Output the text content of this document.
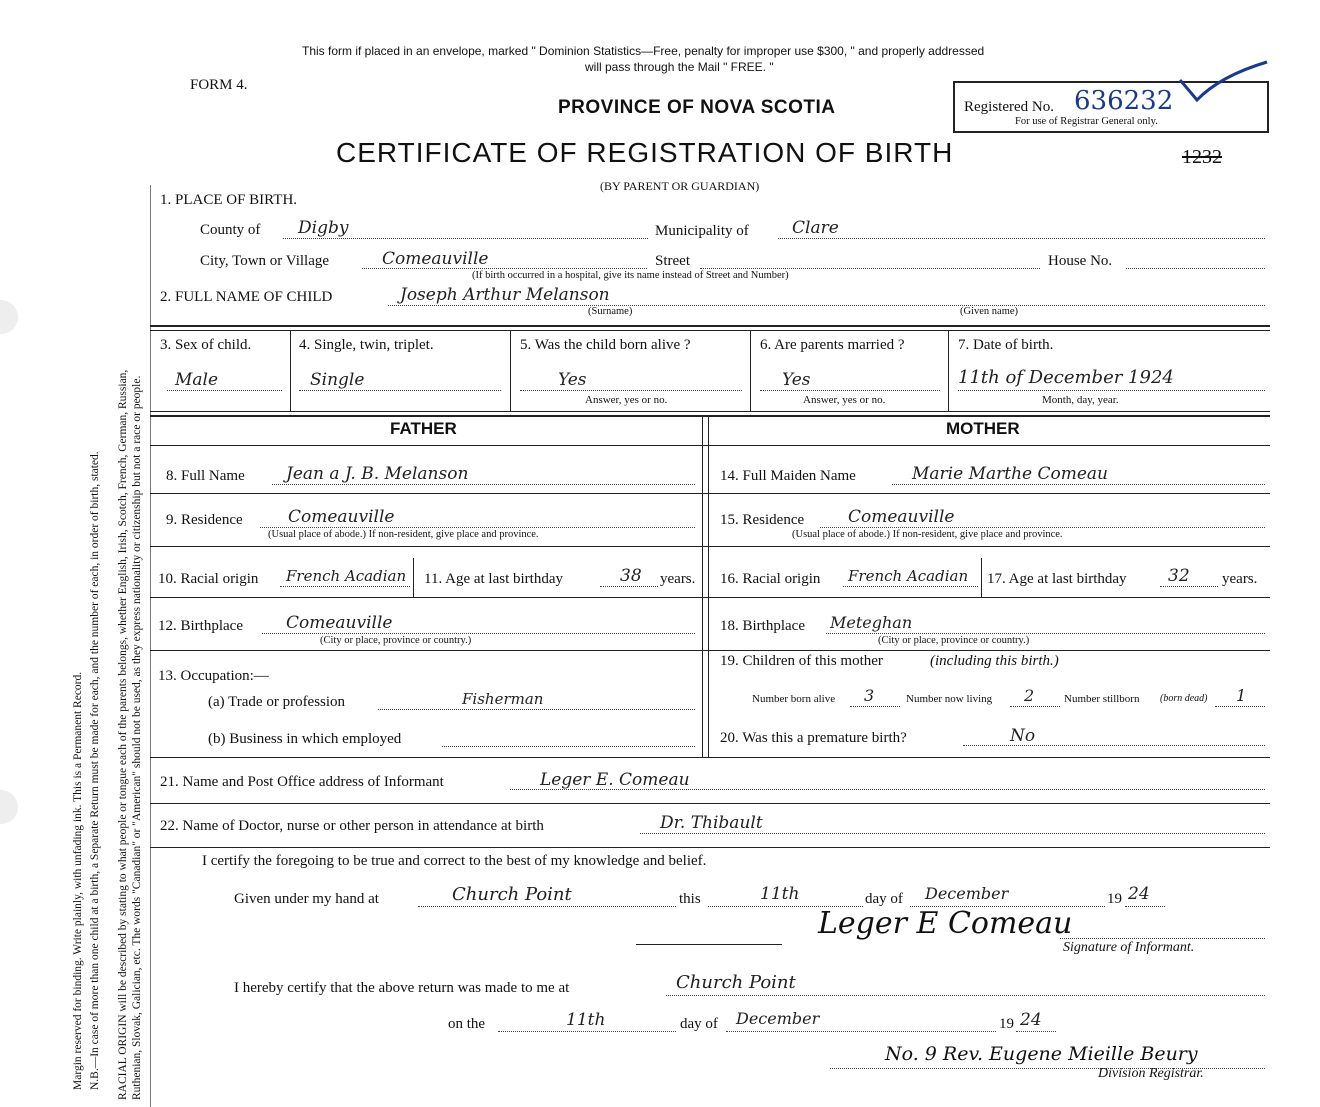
Margin reserved for binding. Write plainly, with unfading ink. This is a Permanent Record. N.B.—In case of more than one child at a birth, a Separate Return must be made for each, and the number of each, in order of birth, stated. RACIAL ORIGIN will be described by stating to what people or tongue each of the parents belongs, whether English, Irish, Scotch, French, German, Russian, Ruthenian, Slovak, Galician, etc. The words "Canadian" or "American" should not be used, as they express nationality or citizenship but not a race or people.
This form if placed in an envelope, marked " Dominion Statistics—Free, penalty for improper use $300, " and properly addressed
will pass through the Mail " FREE. "
FORM 4.
PROVINCE OF NOVA SCOTIA	Registered No. 636232
For use of Registrar General only.
CERTIFICATE OF REGISTRATION OF BIRTH	1232
(BY PARENT OR GUARDIAN)
1. PLACE OF BIRTH.
County of Digby	Municipality of	Clare
City, Town or Village	Comeauville	Street	House No.
(If birth occurred in a hospital, give its name instead of Street and Number)
2. FULL NAME OF CHILD	Joseph Arthur Melanson
(Surname)	(Given name)
3. Sex of child.
Male
4. Single, twin, triplet.
Single
5. Was the child born alive ?
Yes
Answer, yes or no.
6. Are parents married ?
Yes
Answer, yes or no.
7. Date of birth.
11th of December 1924
Month, day, year.
FATHER	MOTHER
8. Full Name Jean a J. B. Melanson
9. Residence	Comeauville
(Usual place of abode.) If non-resident, give place and province.
10. Racial origin French Acadian 11. Age at last birthday	38 years.
12. Birthplace	Comeauville
(City or place, province or country.)
13. Occupation:—
(a) Trade or profession	Fisherman
(b) Business in which employed
14. Full Maiden Name	Marie Marthe Comeau
15. Residence	Comeauville
(Usual place of abode.) If non-resident, give place and province.
16. Racial origin French Acadian 17. Age at last birthday 32 years.
18. Birthplace Meteghan
(City or place, province or country.)
19. Children of this mother	(including this birth.)
Number born alive 3	Number now living 2	Number stillborn (born dead) 1
20. Was this a premature birth?	No
21. Name and Post Office address of Informant	Leger E. Comeau
22. Name of Doctor, nurse or other person in attendance at birth	Dr. Thibault
I certify the foregoing to be true and correct to the best of my knowledge and belief.
Given under my hand at	Church Point	this	11th	day of December	19 24
Leger E Comeau
Signature of Informant.
I hereby certify that the above return was made to me at	Church Point
on the	11th	day of December	19 24
No. 9 Rev. Eugene Mieille Beury
Division Registrar.
